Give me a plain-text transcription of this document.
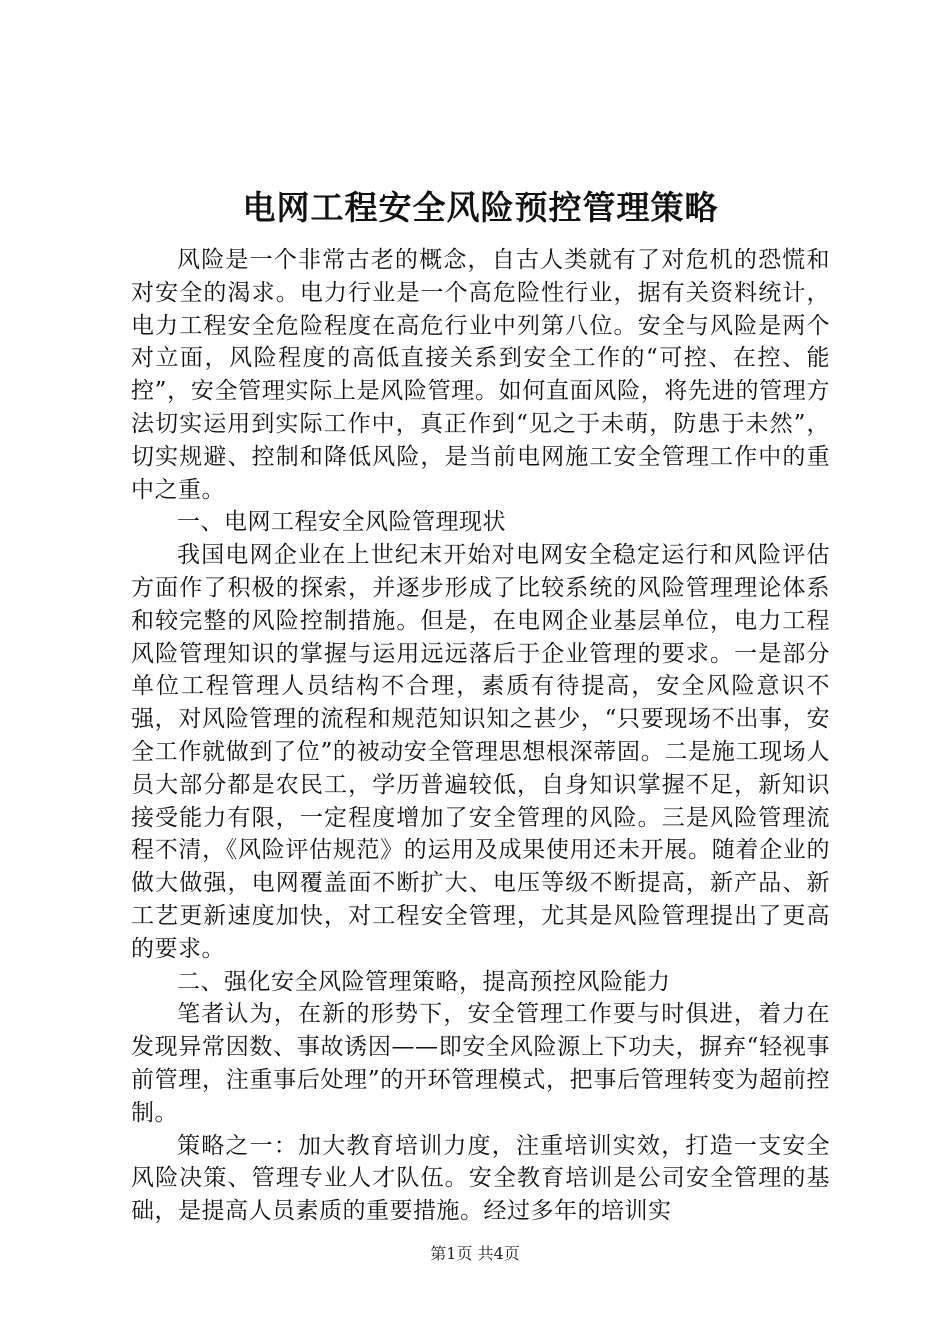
电网工程安全风险预控管理策略

风险是一个非常古老的概念，自古人类就有了对危机的恐慌和对安全的渴求。电力行业是一个高危险性行业，据有关资料统计，电力工程安全危险程度在高危行业中列第八位。安全与风险是两个对立面，风险程度的高低直接关系到安全工作的“可控、在控、能控”，安全管理实际上是风险管理。如何直面风险，将先进的管理方法切实运用到实际工作中，真正作到“见之于未萌，防患于未然”，切实规避、控制和降低风险，是当前电网施工安全管理工作中的重中之重。

一、电网工程安全风险管理现状

我国电网企业在上世纪末开始对电网安全稳定运行和风险评估方面作了积极的探索，并逐步形成了比较系统的风险管理理论体系和较完整的风险控制措施。但是，在电网企业基层单位，电力工程风险管理知识的掌握与运用远远落后于企业管理的要求。一是部分单位工程管理人员结构不合理，素质有待提高，安全风险意识不强，对风险管理的流程和规范知识知之甚少，“只要现场不出事，安全工作就做到了位”的被动安全管理思想根深蒂固。二是施工现场人员大部分都是农民工，学历普遍较低，自身知识掌握不足，新知识接受能力有限，一定程度增加了安全管理的风险。三是风险管理流程不清，《风险评估规范》的运用及成果使用还未开展。随着企业的做大做强，电网覆盖面不断扩大、电压等级不断提高，新产品、新工艺更新速度加快，对工程安全管理，尤其是风险管理提出了更高的要求。

二、强化安全风险管理策略，提高预控风险能力

笔者认为，在新的形势下，安全管理工作要与时俱进，着力在发现异常因数、事故诱因——即安全风险源上下功夫，摒弃“轻视事前管理，注重事后处理”的开环管理模式，把事后管理转变为超前控制。

策略之一：加大教育培训力度，注重培训实效，打造一支安全风险决策、管理专业人才队伍。安全教育培训是公司安全管理的基础，是提高人员素质的重要措施。经过多年的培训实

第1页 共4页
